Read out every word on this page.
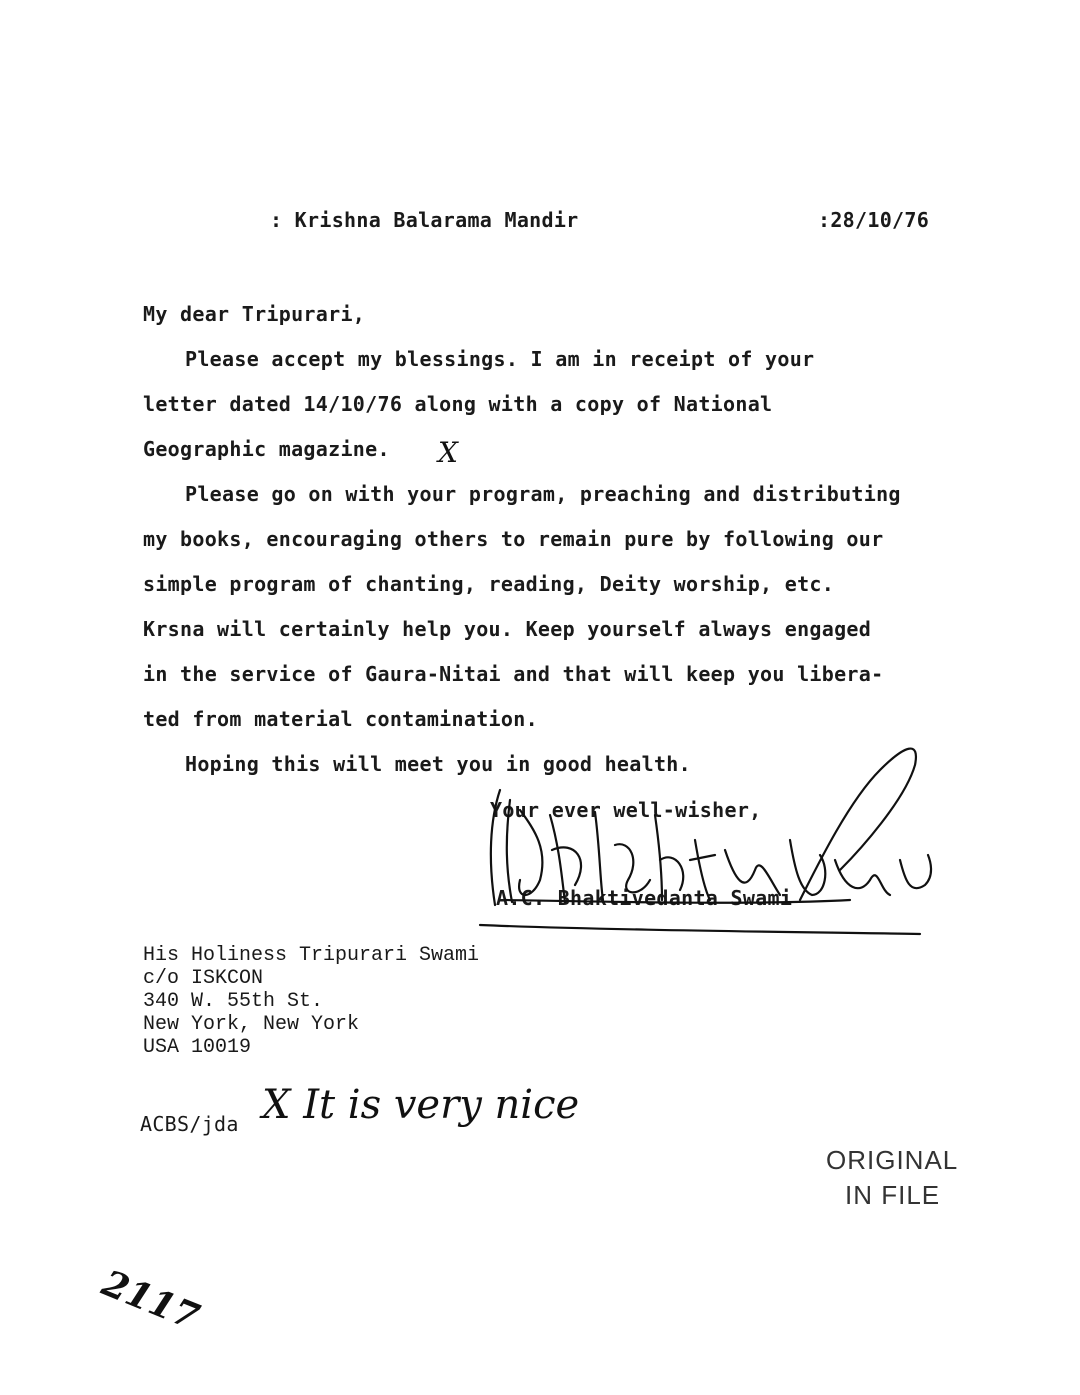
: Krishna Balarama Mandir	:28/10/76
My dear Tripurari,
Please accept my blessings. I am in receipt of your
letter dated 14/10/76 along with a copy of National
Geographic magazine.
Please go on with your program, preaching and distributing
my books, encouraging others to remain pure by following our
simple program of chanting, reading, Deity worship, etc.
Krsna will certainly help you. Keep yourself always engaged
in the service of Gaura-Nitai and that will keep you libera-
ted from material contamination.
Hoping this will meet you in good health.
X
Your ever well-wisher,
A.C. Bhaktivedanta Swami
His Holiness Tripurari Swami
c/o ISKCON
340 W. 55th St.
New York, New York
USA 10019
ACBS/jda X It is very nice
ORIGINAL
IN FILE
2117
